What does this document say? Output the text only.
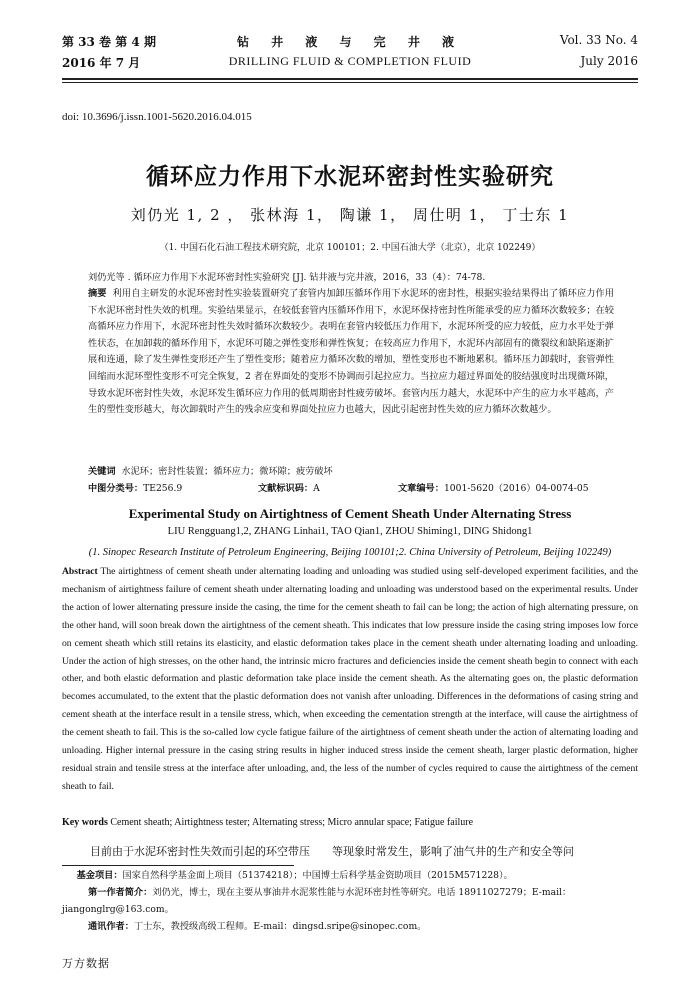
第 33 卷 第 4 期	钻 井 液 与 完 井 液	Vol. 33 No. 4
2016 年 7 月	DRILLING FLUID & COMPLETION FLUID	July 2016
doi: 10.3696/j.issn.1001-5620.2016.04.015
循环应力作用下水泥环密封性实验研究
刘仍光 1, 2 ， 张林海 1， 陶谦 1， 周仕明 1， 丁士东 1
（1. 中国石化石油工程技术研究院，北京 100101；2. 中国石油大学（北京），北京 102249）
刘仍光等 . 循环应力作用下水泥环密封性实验研究 [J]. 钻井液与完井液，2016，33（4）：74-78.
摘要 利用自主研发的水泥环密封性实验装置研究了套管内加卸压循环作用下水泥环的密封性，根据实验结果得出了循环应力作用下水泥环密封性失效的机理。实验结果显示，在较低套管内压循环作用下，水泥环保持密封性所能承受的应力循环次数较多；在较高循环应力作用下，水泥环密封性失效时循环次数较少。表明在套管内较低压力作用下，水泥环所受的应力较低，应力水平处于弹性状态，在加卸载的循环作用下，水泥环可随之弹性变形和弹性恢复；在较高应力作用下，水泥环内部固有的微裂纹和缺陷逐渐扩展和连通，除了发生弹性变形还产生了塑性变形；随着应力循环次数的增加，塑性变形也不断地累积。循环压力卸载时，套管弹性回缩而水泥环塑性变形不可完全恢复，2 者在界面处的变形不协调而引起拉应力。当拉应力超过界面处的胶结强度时出现微环隙，导致水泥环密封性失效，水泥环发生循环应力作用的低周期密封性疲劳破坏。套管内压力越大，水泥环中产生的应力水平越高，产生的塑性变形越大，每次卸载时产生的残余应变和界面处拉应力也越大，因此引起密封性失效的应力循环次数越少。
关键词 水泥环；密封性装置；循环应力；微环隙；疲劳破坏
中图分类号：TE256.9	文献标识码：A	文章编号：1001-5620（2016）04-0074-05
Experimental Study on Airtightness of Cement Sheath Under Alternating Stress
LIU Rengguang1,2, ZHANG Linhai1, TAO Qian1, ZHOU Shiming1, DING Shidong1
(1. Sinopec Research Institute of Petroleum Engineering, Beijing 100101;2. China University of Petroleum, Beijing 102249)
Abstract The airtightness of cement sheath under alternating loading and unloading was studied using self-developed experiment facilities, and the mechanism of airtightness failure of cement sheath under alternating loading and unloading was understood based on the experimental results. Under the action of lower alternating pressure inside the casing, the time for the cement sheath to fail can be long; the action of high alternating pressure, on the other hand, will soon break down the airtightness of the cement sheath. This indicates that low pressure inside the casing string imposes low force on cement sheath which still retains its elasticity, and elastic deformation takes place in the cement sheath under alternating loading and unloading. Under the action of high stresses, on the other hand, the intrinsic micro fractures and deficiencies inside the cement sheath begin to connect with each other, and both elastic deformation and plastic deformation take place inside the cement sheath. As the alternating goes on, the plastic deformation becomes accumulated, to the extent that the plastic deformation does not vanish after unloading. Differences in the deformations of casing string and cement sheath at the interface result in a tensile stress, which, when exceeding the cementation strength at the interface, will cause the airtightness of the cement sheath to fail. This is the so-called low cycle fatigue failure of the airtightness of cement sheath under the action of alternating loading and unloading. Higher internal pressure in the casing string results in higher induced stress inside the cement sheath, larger plastic deformation, higher residual strain and tensile stress at the interface after unloading, and, the less of the number of cycles required to cause the airtightness of the cement sheath to fail.
Key words Cement sheath; Airtightness tester; Alternating stress; Micro annular space; Fatigue failure
目前由于水泥环密封性失效而引起的环空带压　　等现象时常发生，影响了油气井的生产和安全等问
基金项目：国家自然科学基金面上项目（51374218）；中国博士后科学基金资助项目（2015M571228）。
第一作者简介：刘仍光，博士，现在主要从事油井水泥浆性能与水泥环密封性等研究。电话 18911027279；E-mail：jiangonglrg@163.com。
通讯作者：丁士东，教授级高级工程师。E-mail：dingsd.sripe@sinopec.com。
万方数据
